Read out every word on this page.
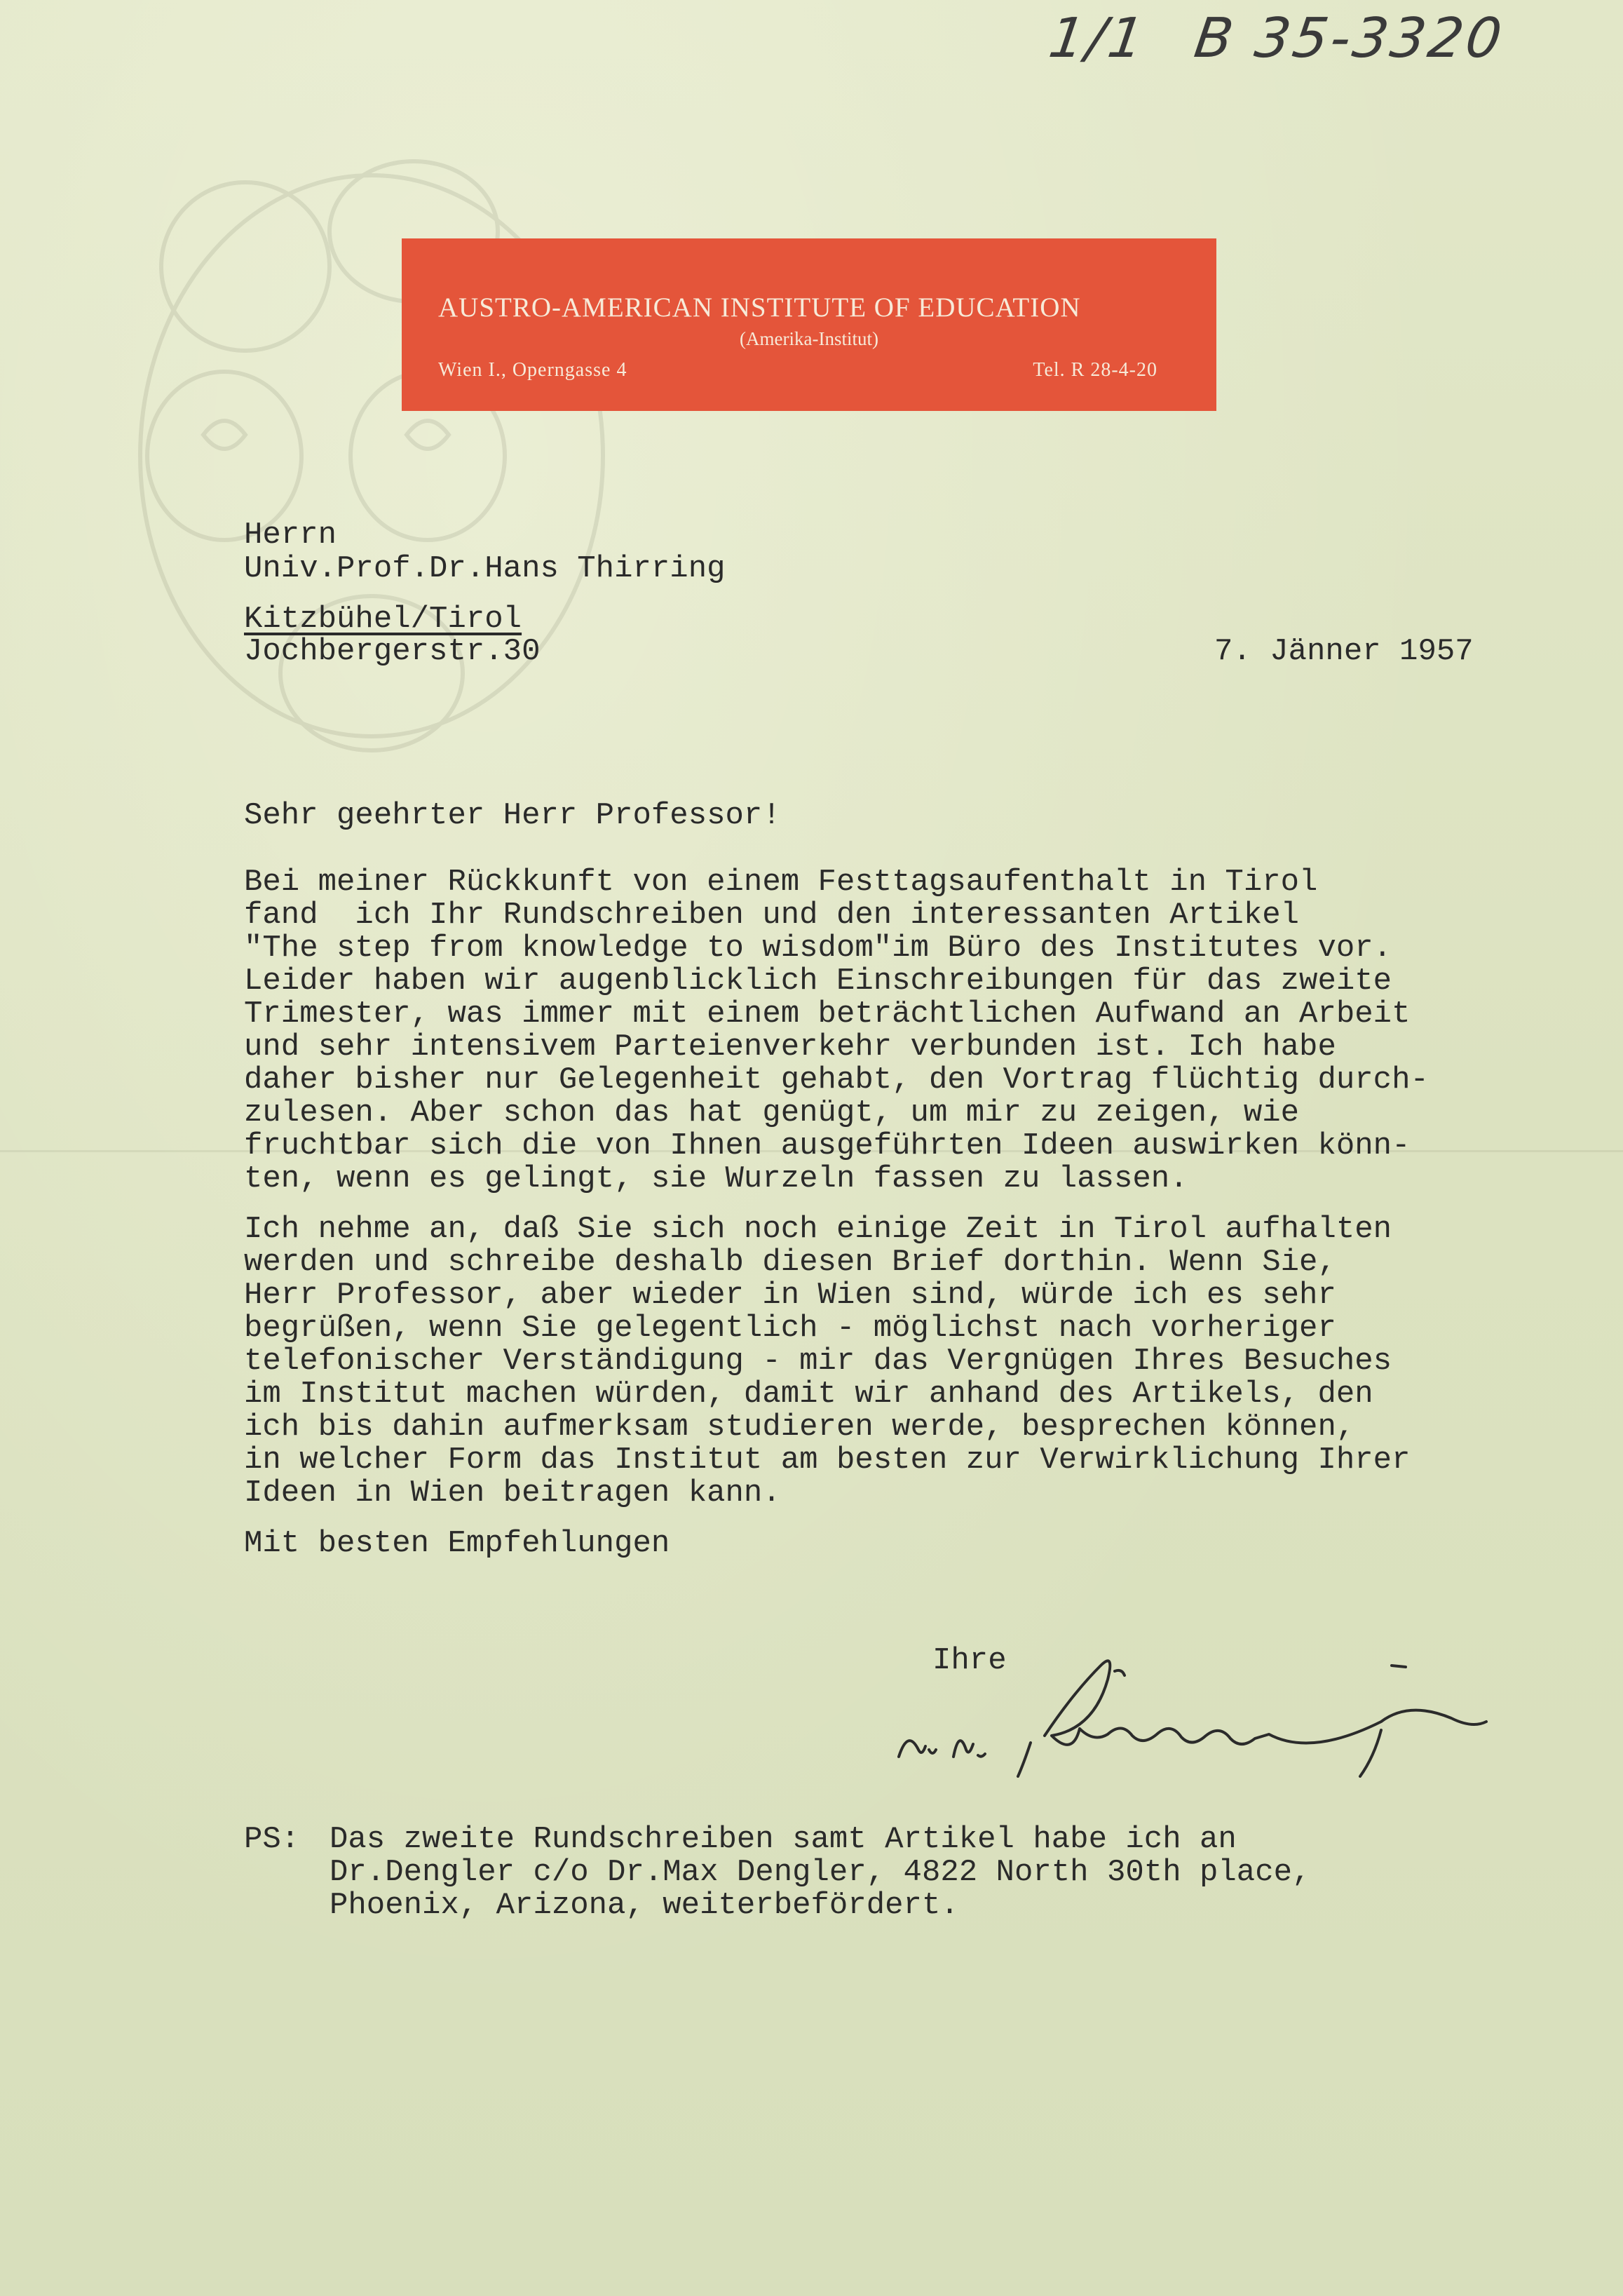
1/1 B 35-3320
AUSTRO-AMERICAN INSTITUTE OF EDUCATION
(Amerika-Institut)
Wien I., Operngasse 4	Tel. R 28-4-20
Herrn
Univ.Prof.Dr.Hans Thirring
Kitzbühel/Tirol
Jochbergerstr.30	7. Jänner 1957
Sehr geehrter Herr Professor!
Bei meiner Rückkunft von einem Festtagsaufenthalt in Tirol
fand  ich Ihr Rundschreiben und den interessanten Artikel
"The step from knowledge to wisdom"im Büro des Institutes vor.
Leider haben wir augenblicklich Einschreibungen für das zweite
Trimester, was immer mit einem beträchtlichen Aufwand an Arbeit
und sehr intensivem Parteienverkehr verbunden ist. Ich habe
daher bisher nur Gelegenheit gehabt, den Vortrag flüchtig durch-
zulesen. Aber schon das hat genügt, um mir zu zeigen, wie
fruchtbar sich die von Ihnen ausgeführten Ideen auswirken könn-
ten, wenn es gelingt, sie Wurzeln fassen zu lassen.
Ich nehme an, daß Sie sich noch einige Zeit in Tirol aufhalten
werden und schreibe deshalb diesen Brief dorthin. Wenn Sie,
Herr Professor, aber wieder in Wien sind, würde ich es sehr
begrüßen, wenn Sie gelegentlich - möglichst nach vorheriger
telefonischer Verständigung - mir das Vergnügen Ihres Besuches
im Institut machen würden, damit wir anhand des Artikels, den
ich bis dahin aufmerksam studieren werde, besprechen können,
in welcher Form das Institut am besten zur Verwirklichung Ihrer
Ideen in Wien beitragen kann.
Mit besten Empfehlungen
Ihre
PS: Das zweite Rundschreiben samt Artikel habe ich an
Dr.Dengler c/o Dr.Max Dengler, 4822 North 30th place,
Phoenix, Arizona, weiterbefördert.
